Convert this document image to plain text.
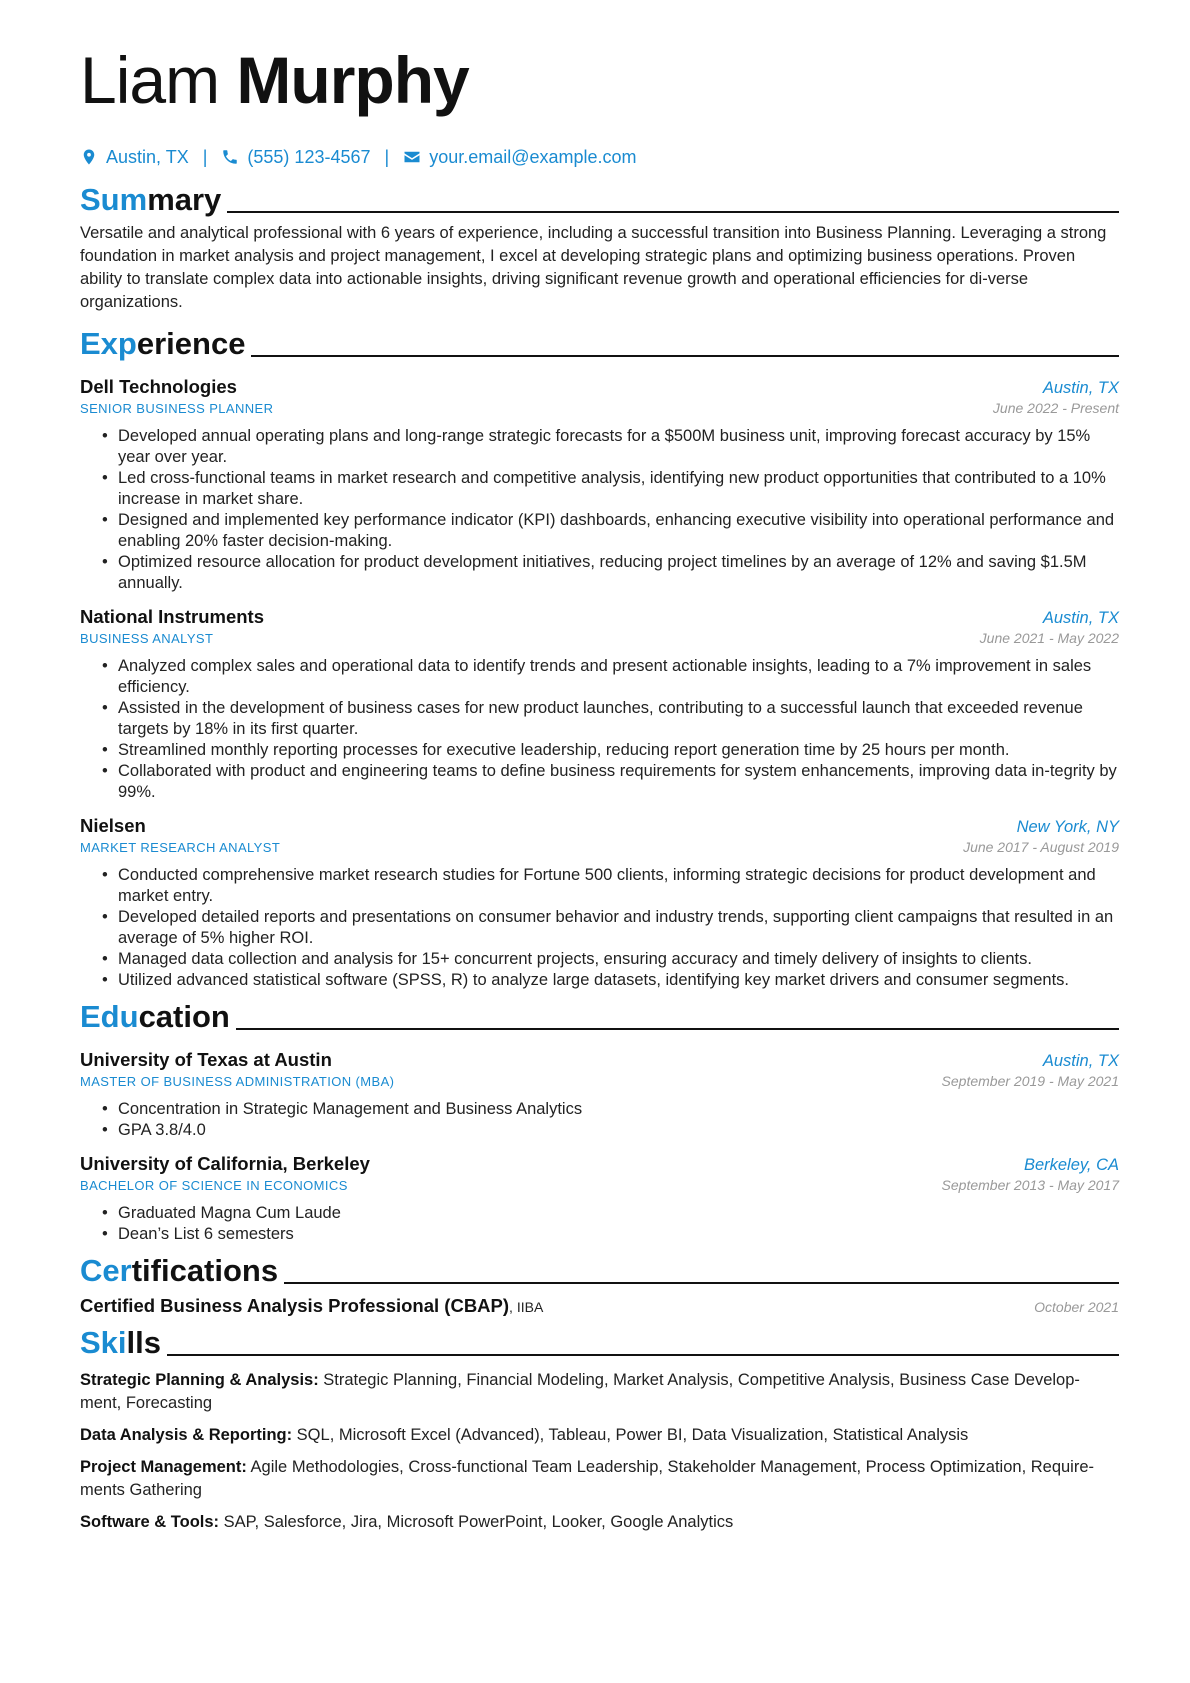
Liam Murphy
Austin, TX | (555) 123-4567 | your.email@example.com
Sum mary
Versatile and analytical professional with 6 years of experience, including a successful transition into Business Planning. Leveraging a strong foundation in market analysis and project management, I excel at developing strategic plans and optimizing business operations. Proven ability to translate complex data into actionable insights, driving significant revenue growth and operational efficiencies for di-verse organizations.
Exp erience
Dell Technologies	Austin, TX
SENIOR BUSINESS PLANNER	June 2022 - Present
• Developed annual operating plans and long-range strategic forecasts for a $500M business unit, improving forecast accuracy by 15% year over year.
• Led cross-functional teams in market research and competitive analysis, identifying new product opportunities that contributed to a 10% increase in market share.
• Designed and implemented key performance indicator (KPI) dashboards, enhancing executive visibility into operational performance and enabling 20% faster decision-making.
• Optimized resource allocation for product development initiatives, reducing project timelines by an average of 12% and saving $1.5M annually.
National Instruments	Austin, TX
BUSINESS ANALYST	June 2021 - May 2022
• Analyzed complex sales and operational data to identify trends and present actionable insights, leading to a 7% improvement in sales efficiency.
• Assisted in the development of business cases for new product launches, contributing to a successful launch that exceeded revenue targets by 18% in its first quarter.
• Streamlined monthly reporting processes for executive leadership, reducing report generation time by 25 hours per month.
• Collaborated with product and engineering teams to define business requirements for system enhancements, improving data in-tegrity by 99%.
Nielsen	New York, NY
MARKET RESEARCH ANALYST	June 2017 - August 2019
• Conducted comprehensive market research studies for Fortune 500 clients, informing strategic decisions for product development and market entry.
• Developed detailed reports and presentations on consumer behavior and industry trends, supporting client campaigns that resulted in an average of 5% higher ROI.
• Managed data collection and analysis for 15+ concurrent projects, ensuring accuracy and timely delivery of insights to clients.
• Utilized advanced statistical software (SPSS, R) to analyze large datasets, identifying key market drivers and consumer segments.
Edu cation
University of Texas at Austin	Austin, TX
MASTER OF BUSINESS ADMINISTRATION (MBA)	September 2019 - May 2021
• Concentration in Strategic Management and Business Analytics
• GPA 3.8/4.0
University of California, Berkeley	Berkeley, CA
BACHELOR OF SCIENCE IN ECONOMICS	September 2013 - May 2017
• Graduated Magna Cum Laude
• Dean’s List 6 semesters
Cer tifications
Certified Business Analysis Professional (CBAP), IIBA	October 2021
Ski lls
Strategic Planning & Analysis: Strategic Planning, Financial Modeling, Market Analysis, Competitive Analysis, Business Case Develop-ment, Forecasting
Data Analysis & Reporting: SQL, Microsoft Excel (Advanced), Tableau, Power BI, Data Visualization, Statistical Analysis
Project Management: Agile Methodologies, Cross-functional Team Leadership, Stakeholder Management, Process Optimization, Require-ments Gathering
Software & Tools: SAP, Salesforce, Jira, Microsoft PowerPoint, Looker, Google Analytics
